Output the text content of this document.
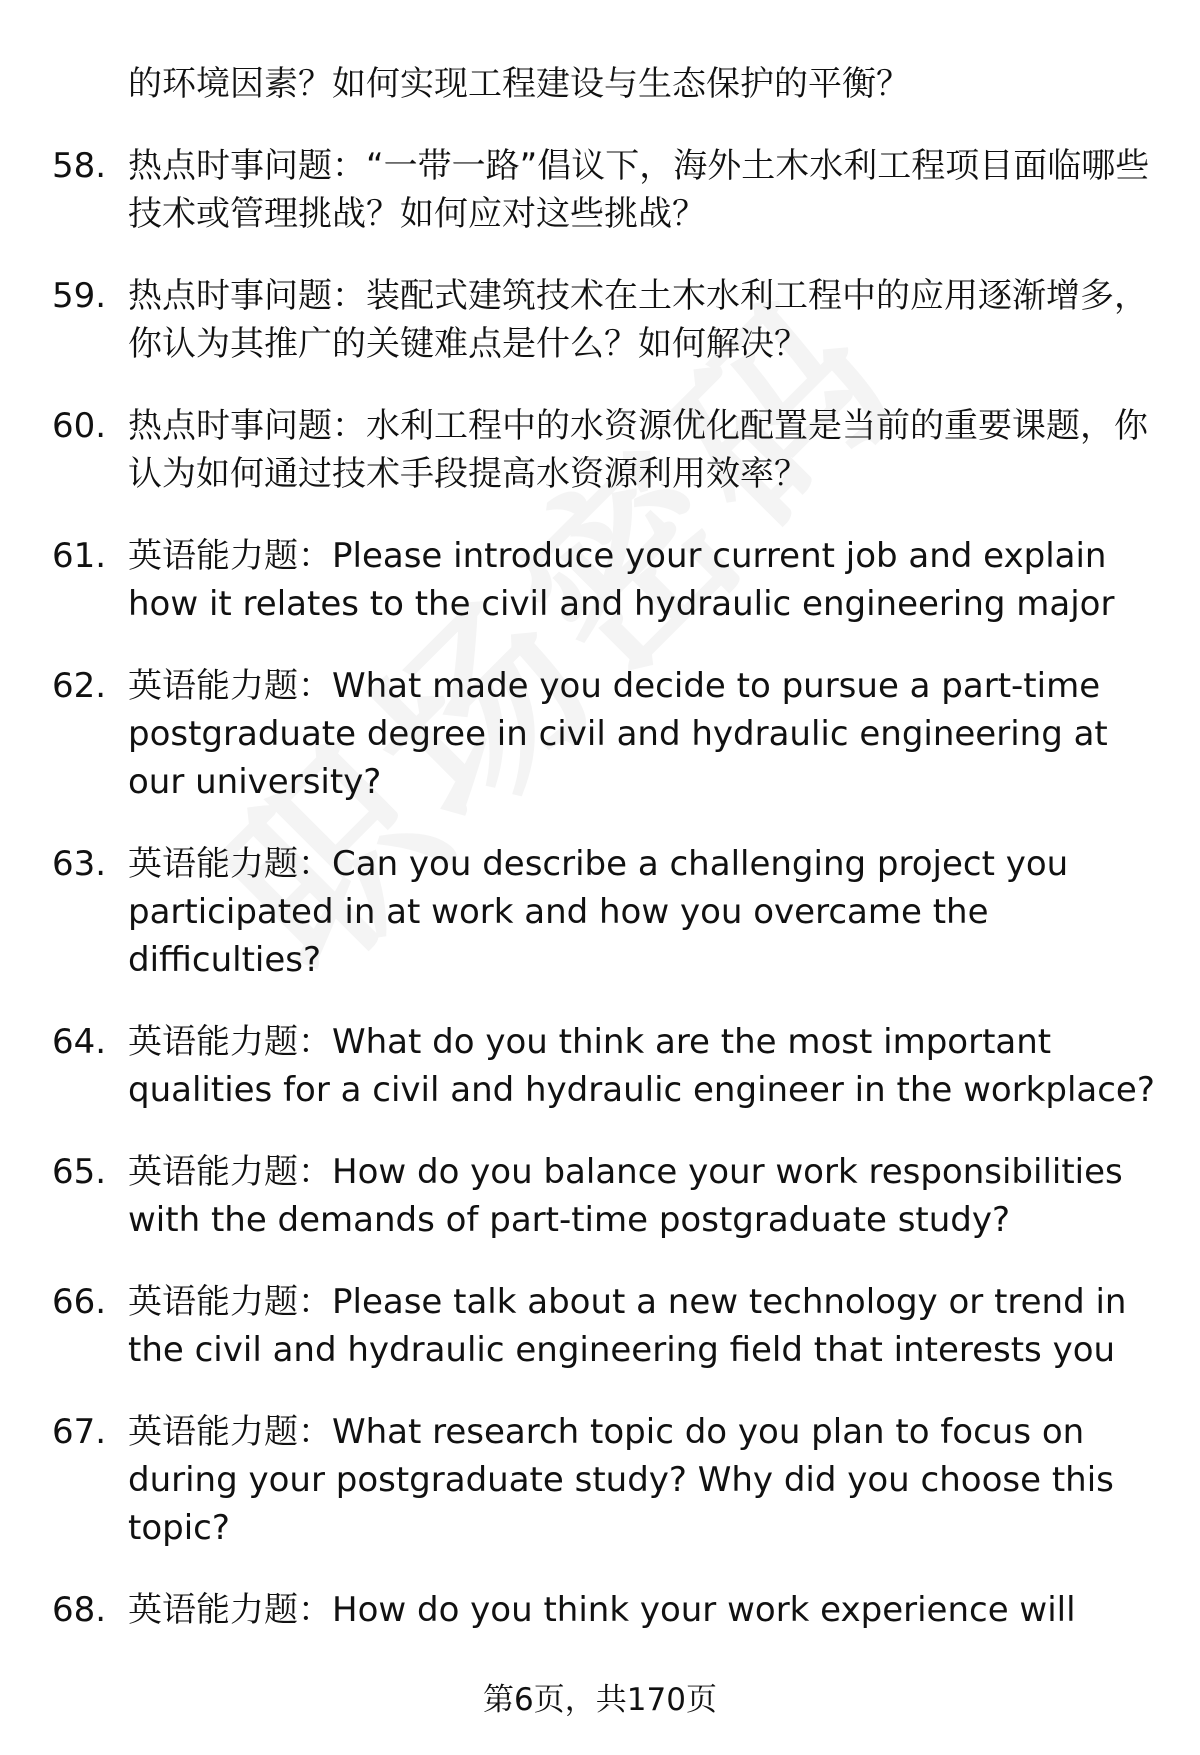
的环境因素？如何实现工程建设与生态保护的平衡？
58. 热点时事问题：“一带一路”倡议下，海外土木水利工程项目面临哪些技术或管理挑战？如何应对这些挑战？
59. 热点时事问题：装配式建筑技术在土木水利工程中的应用逐渐增多，你认为其推广的关键难点是什么？如何解决？
60. 热点时事问题：水利工程中的水资源优化配置是当前的重要课题，你认为如何通过技术手段提高水资源利用效率？
61. 英语能力题：Please introduce your current job and explain how it relates to the civil and hydraulic engineering major
62. 英语能力题：What made you decide to pursue a part-time postgraduate degree in civil and hydraulic engineering at our university?
63. 英语能力题：Can you describe a challenging project you participated in at work and how you overcame the difficulties?
64. 英语能力题：What do you think are the most important qualities for a civil and hydraulic engineer in the workplace?
65. 英语能力题：How do you balance your work responsibilities with the demands of part-time postgraduate study?
66. 英语能力题：Please talk about a new technology or trend in the civil and hydraulic engineering field that interests you
67. 英语能力题：What research topic do you plan to focus on during your postgraduate study? Why did you choose this topic?
68. 英语能力题：How do you think your work experience will
第6页，共170页
